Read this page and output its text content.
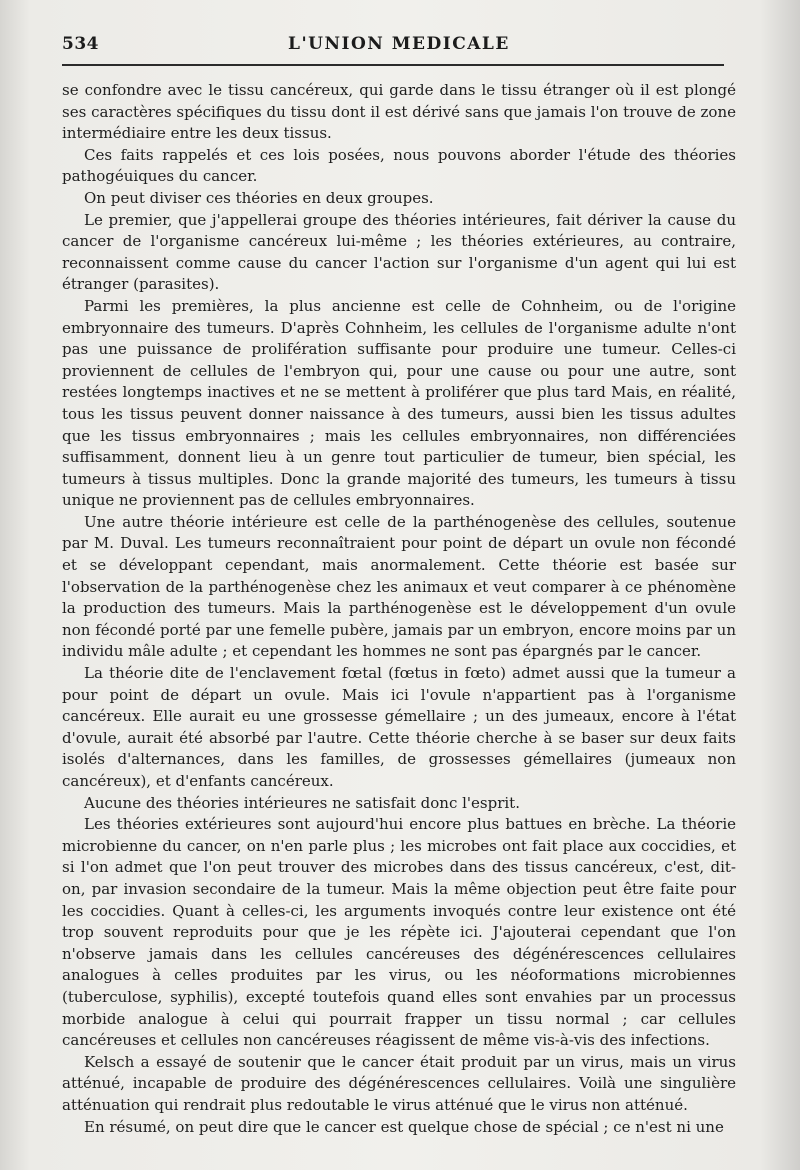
534	L'UNION MEDICALE

se confondre avec le tissu cancéreux, qui garde dans le tissu étranger où il est plongé ses caractères spécifiques du tissu dont il est dérivé sans que jamais l'on trouve de zone intermédiaire entre les deux tissus.

Ces faits rappelés et ces lois posées, nous pouvons aborder l'étude des théories pathogéuiques du cancer.

On peut diviser ces théories en deux groupes.

Le premier, que j'appellerai groupe des théories intérieures, fait dériver la cause du cancer de l'organisme cancéreux lui-même ; les théories extérieures, au contraire, reconnaissent comme cause du cancer l'action sur l'organisme d'un agent qui lui est étranger (parasites).

Parmi les premières, la plus ancienne est celle de Cohnheim, ou de l'origine embryonnaire des tumeurs. D'après Cohnheim, les cellules de l'organisme adulte n'ont pas une puissance de prolifération suffisante pour produire une tumeur. Celles-ci proviennent de cellules de l'embryon qui, pour une cause ou pour une autre, sont restées longtemps inactives et ne se mettent à proliférer que plus tard Mais, en réalité, tous les tissus peuvent donner naissance à des tumeurs, aussi bien les tissus adultes que les tissus embryonnaires ; mais les cellules embryonnaires, non différenciées suffisamment, donnent lieu à un genre tout particulier de tumeur, bien spécial, les tumeurs à tissus multiples. Donc la grande majorité des tumeurs, les tumeurs à tissu unique ne proviennent pas de cellules embryonnaires.

Une autre théorie intérieure est celle de la parthénogenèse des cellules, soutenue par M. Duval. Les tumeurs reconnaîtraient pour point de départ un ovule non fécondé et se développant cependant, mais anormalement. Cette théorie est basée sur l'observation de la parthénogenèse chez les animaux et veut comparer à ce phénomène la production des tumeurs. Mais la parthénogenèse est le développement d'un ovule non fécondé porté par une femelle pubère, jamais par un embryon, encore moins par un individu mâle adulte ; et cependant les hommes ne sont pas épargnés par le cancer.

La théorie dite de l'enclavement fœtal (fœtus in fœto) admet aussi que la tumeur a pour point de départ un ovule. Mais ici l'ovule n'appartient pas à l'organisme cancéreux. Elle aurait eu une grossesse gémellaire ; un des jumeaux, encore à l'état d'ovule, aurait été absorbé par l'autre. Cette théorie cherche à se baser sur deux faits isolés d'alternances, dans les familles, de grossesses gémellaires (jumeaux non cancéreux), et d'enfants cancéreux.

Aucune des théories intérieures ne satisfait donc l'esprit.

Les théories extérieures sont aujourd'hui encore plus battues en brèche. La théorie microbienne du cancer, on n'en parle plus ; les microbes ont fait place aux coccidies, et si l'on admet que l'on peut trouver des microbes dans des tissus cancéreux, c'est, dit-on, par invasion secondaire de la tumeur. Mais la même objection peut être faite pour les coccidies. Quant à celles-ci, les arguments invoqués contre leur existence ont été trop souvent reproduits pour que je les répète ici. J'ajouterai cependant que l'on n'observe jamais dans les cellules cancéreuses des dégénérescences cellulaires analogues à celles produites par les virus, ou les néoformations microbiennes (tuberculose, syphilis), excepté toutefois quand elles sont envahies par un processus morbide analogue à celui qui pourrait frapper un tissu normal ; car cellules cancéreuses et cellules non cancéreuses réagissent de même vis-à-vis des infections.

Kelsch a essayé de soutenir que le cancer était produit par un virus, mais un virus atténué, incapable de produire des dégénérescences cellulaires. Voilà une singulière atténuation qui rendrait plus redoutable le virus atténué que le virus non atténué.

En résumé, on peut dire que le cancer est quelque chose de spécial ; ce n'est ni une
